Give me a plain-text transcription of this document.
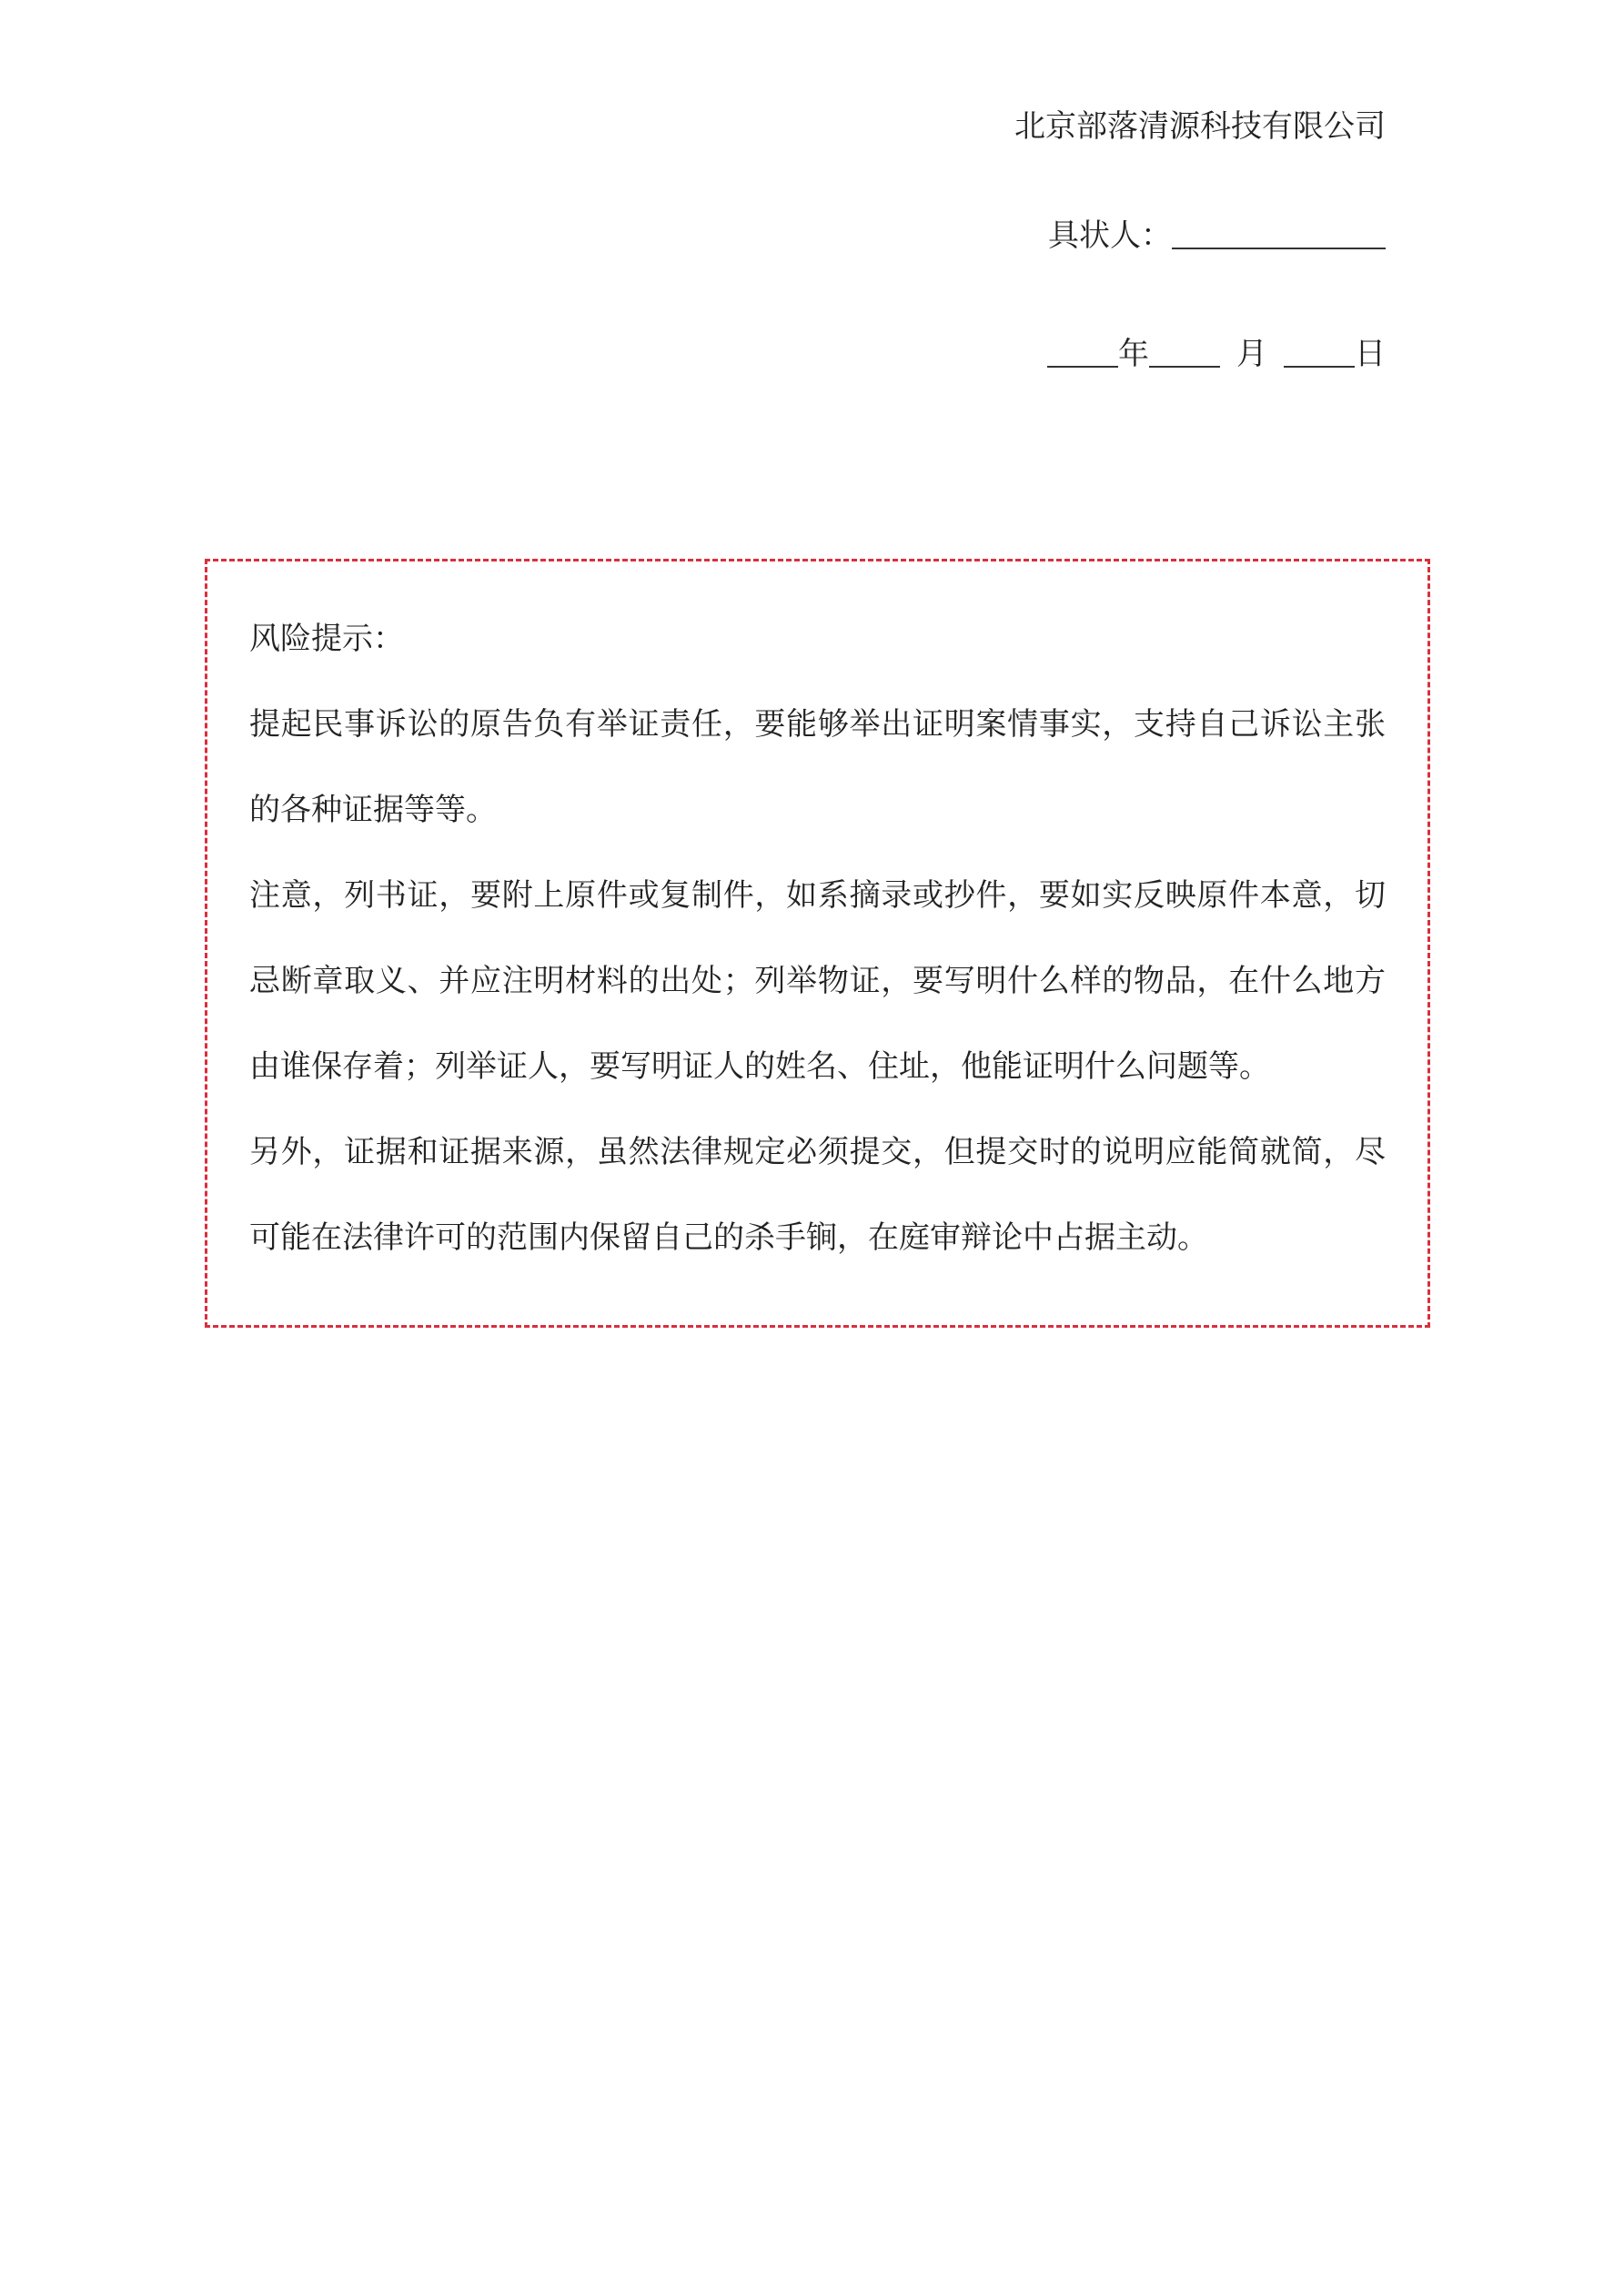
北京部落清源科技有限公司
具状人：
年	月	日
风险提示：
提起民事诉讼的原告负有举证责任，要能够举出证明案情事实，支持自己诉讼主张的各种证据等等。
注意，列书证，要附上原件或复制件，如系摘录或抄件，要如实反映原件本意，切忌断章取义、并应注明材料的出处；列举物证，要写明什么样的物品，在什么地方由谁保存着；列举证人，要写明证人的姓名、住址，他能证明什么问题等。
另外，证据和证据来源，虽然法律规定必须提交，但提交时的说明应能简就简，尽可能在法律许可的范围内保留自己的杀手锏，在庭审辩论中占据主动。
